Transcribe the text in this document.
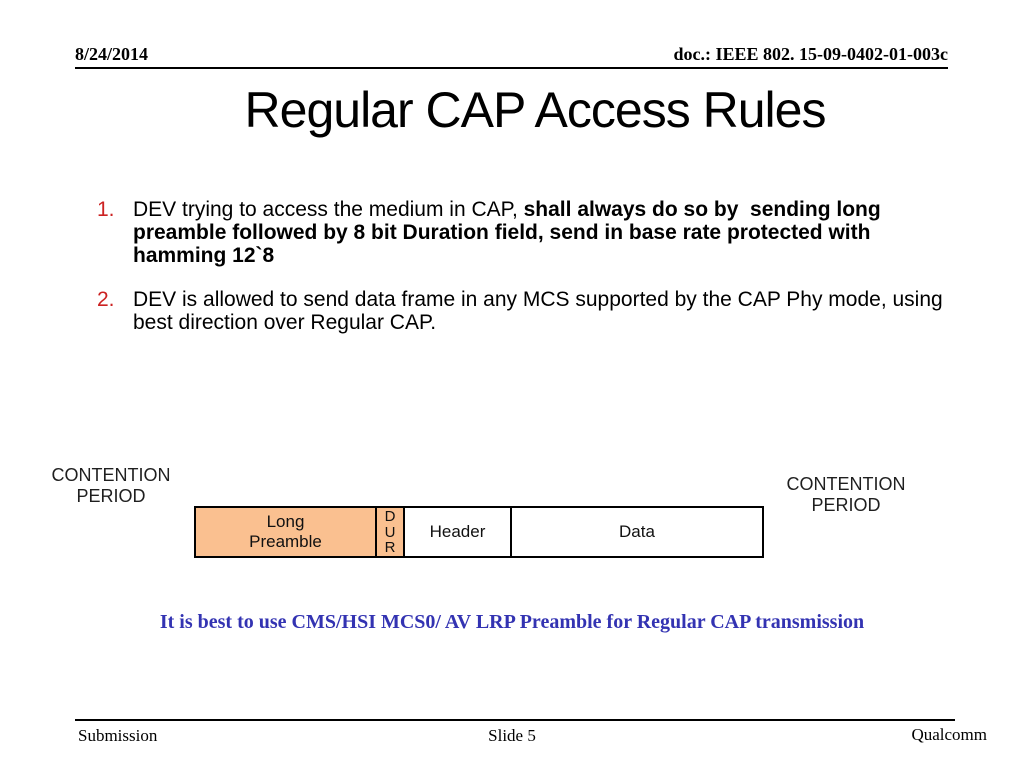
8/24/2014	doc.: IEEE 802. 15-09-0402-01-003c
Regular CAP Access Rules
1. DEV trying to access the medium in CAP, shall always do so by  sending long preamble followed by 8 bit Duration field, send in base rate protected with hamming 12`8
2. DEV is allowed to send data frame in any MCS supported by the CAP Phy mode, using best direction over Regular CAP.
CONTENTION
PERIOD
CONTENTION
PERIOD
Long
Preamble
D
U
R
Header	Data
It is best to use CMS/HSI MCS0/ AV LRP Preamble for Regular CAP transmission
Submission	Slide 5	Qualcomm
